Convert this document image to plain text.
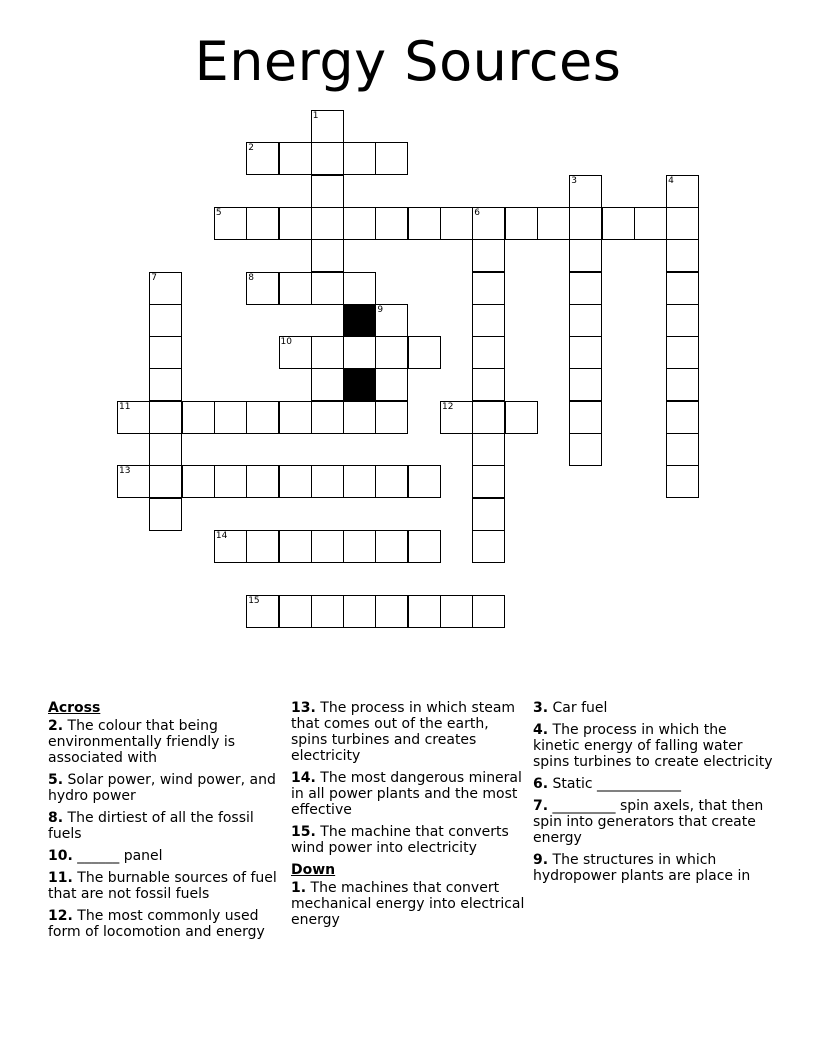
Energy Sources
1
2
3	4
5	6
7	8
9
10
11	12
13
14
15
Across
2. The colour that being environmentally friendly is associated with
5. Solar power, wind power, and hydro power
8. The dirtiest of all the fossil fuels
10. ______ panel
11. The burnable sources of fuel that are not fossil fuels
12. The most commonly used form of locomotion and energy
13. The process in which steam that comes out of the earth, spins turbines and creates electricity
14. The most dangerous mineral in all power plants and the most effective
15. The machine that converts wind power into electricity
Down
1. The machines that convert mechanical energy into electrical energy
3. Car fuel
4. The process in which the kinetic energy of falling water spins turbines to create electricity
6. Static ____________
7. _________ spin axels, that then spin into generators that create energy
9. The structures in which hydropower plants are place in
